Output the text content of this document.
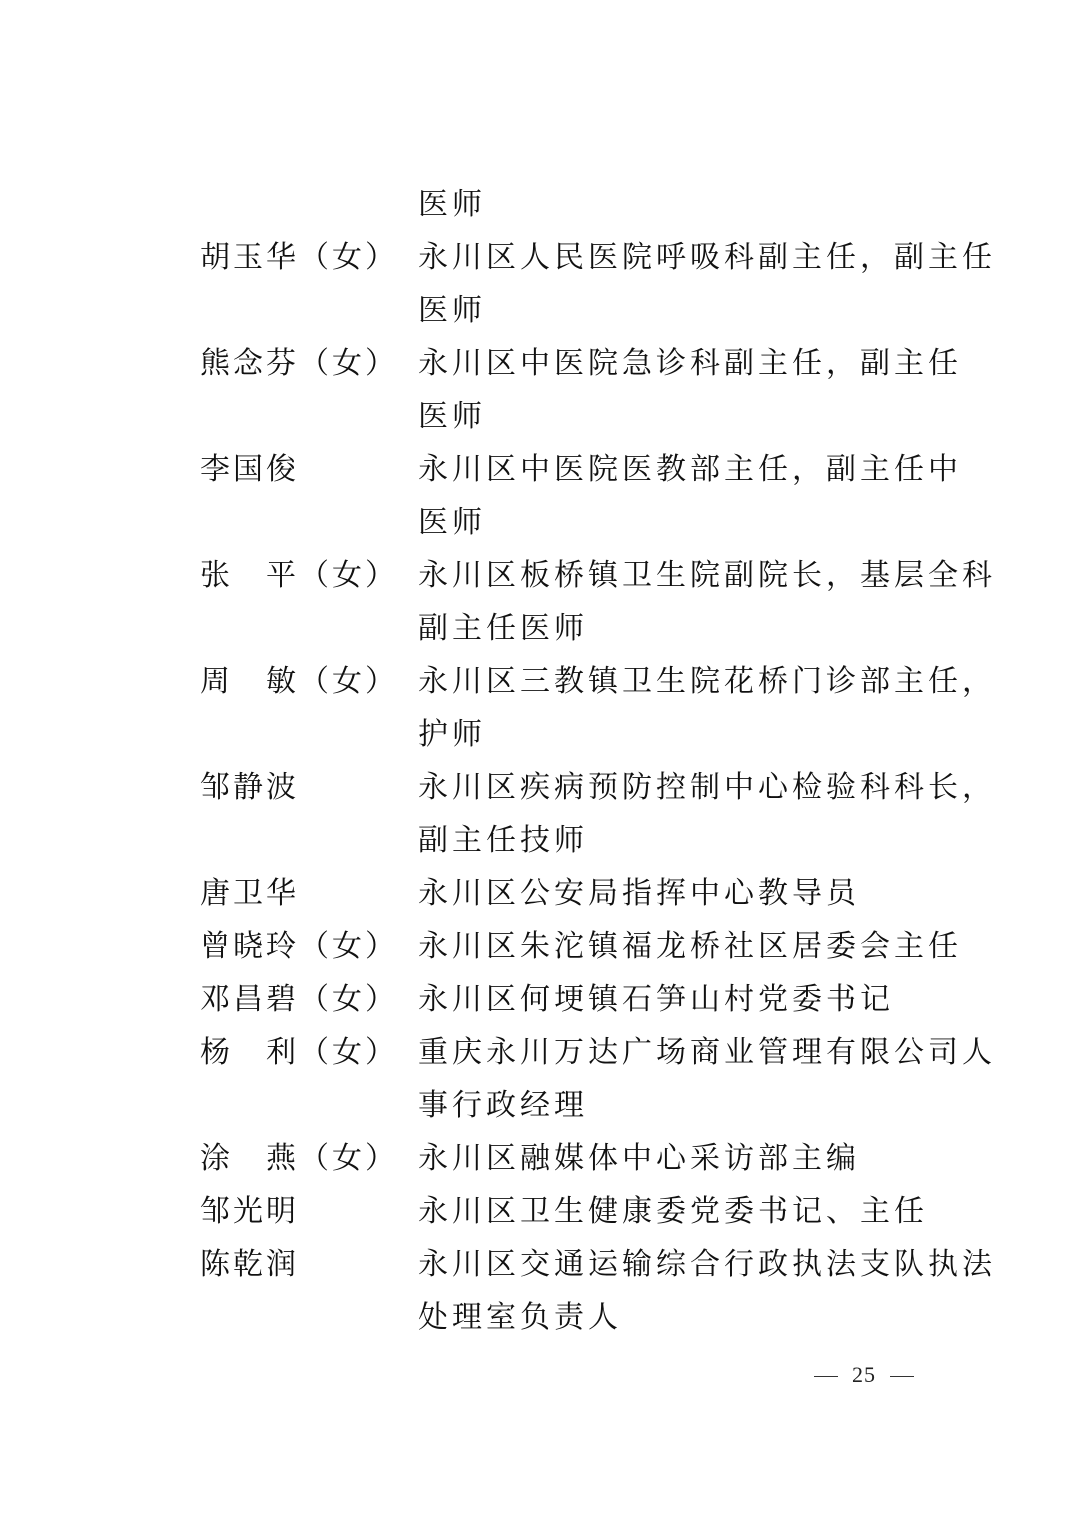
医师
胡玉华（女） 永川区人民医院呼吸科副主任，副主任
医师
熊念芬（女） 永川区中医院急诊科副主任，副主任
医师
李国俊	永川区中医院医教部主任，副主任中
医师
张　平（女） 永川区板桥镇卫生院副院长，基层全科
副主任医师
周　敏（女） 永川区三教镇卫生院花桥门诊部主任，
护师
邹静波	永川区疾病预防控制中心检验科科长，
副主任技师
唐卫华	永川区公安局指挥中心教导员
曾晓玲（女） 永川区朱沱镇福龙桥社区居委会主任
邓昌碧（女） 永川区何埂镇石笋山村党委书记
杨　利（女） 重庆永川万达广场商业管理有限公司人
事行政经理
涂　燕（女） 永川区融媒体中心采访部主编
邹光明	永川区卫生健康委党委书记、主任
陈乾润	永川区交通运输综合行政执法支队执法
处理室负责人
25
